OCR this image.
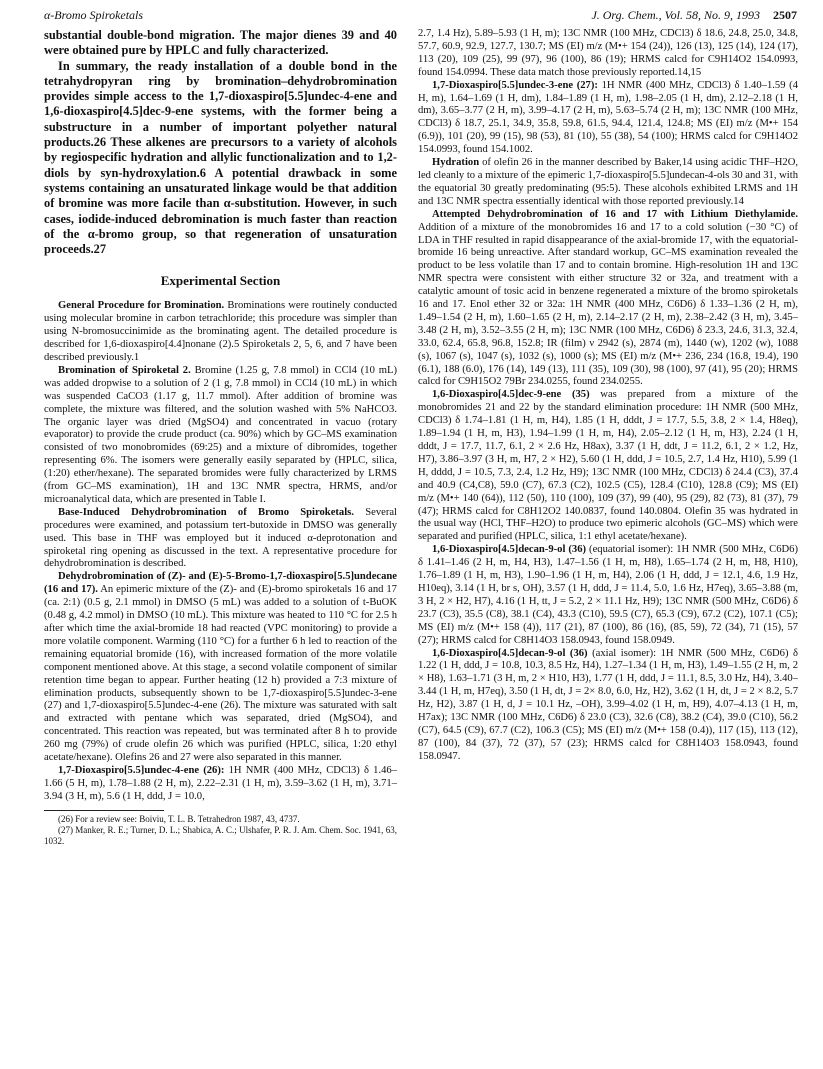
α-Bromo Spiroketals	J. Org. Chem., Vol. 58, No. 9, 1993 2507

substantial double-bond migration. The major dienes 39 and 40 were obtained pure by HPLC and fully characterized.

In summary, the ready installation of a double bond in the tetrahydropyran ring by bromination–dehydrobromination provides simple access to the 1,7-dioxaspiro[5.5]undec-4-ene and 1,6-dioxaspiro[4.5]dec-9-ene systems, with the former being a substructure in a number of important polyether natural products.26 These alkenes are precursors to a variety of alcohols by regiospecific hydration and allylic functionalization and to 1,2-diols by syn-hydroxylation.6 A potential drawback in some systems containing an unsaturated linkage would be that addition of bromine was more facile than α-substitution. However, in such cases, iodide-induced debromination is much faster than reaction of the α-bromo group, so that regeneration of unsaturation proceeds.27

Experimental Section

General Procedure for Bromination. Brominations were routinely conducted using molecular bromine in carbon tetrachloride; this procedure was simpler than using N-bromosuccinimide as the brominating agent. The detailed procedure is described for 1,6-dioxaspiro[4.4]nonane (2).5 Spiroketals 2, 5, 6, and 7 have been described previously.1

Bromination of Spiroketal 2. Bromine (1.25 g, 7.8 mmol) in CCl4 (10 mL) was added dropwise to a solution of 2 (1 g, 7.8 mmol) in CCl4 (10 mL) in which was suspended CaCO3 (1.17 g, 11.7 mmol). After addition of bromine was complete, the mixture was filtered, and the solution washed with 5% NaHCO3. The organic layer was dried (MgSO4) and concentrated in vacuo (rotary evaporator) to provide the crude product (ca. 90%) which by GC–MS examination consisted of two monobromides (69:25) and a mixture of dibromides, together representing 6%. The isomers were generally easily separated by (HPLC, silica, (1:20) ether/hexane). The separated bromides were fully characterized by LRMS (from GC–MS examination), 1H and 13C NMR spectra, HRMS, and/or microanalytical data, which are presented in Table I.

Base-Induced Dehydrobromination of Bromo Spiroketals. Several procedures were examined, and potassium tert-butoxide in DMSO was generally used. This base in THF was employed but it induced α-deprotonation and spiroketal ring opening as discussed in the text. A representative procedure for dehydrobromination is described.

Dehydrobromination of (Z)- and (E)-5-Bromo-1,7-dioxaspiro[5.5]undecane (16 and 17). An epimeric mixture of the (Z)- and (E)-bromo spiroketals 16 and 17 (ca. 2:1) (0.5 g, 2.1 mmol) in DMSO (5 mL) was added to a solution of t-BuOK (0.48 g, 4.2 mmol) in DMSO (10 mL). This mixture was heated to 110 °C for 2.5 h after which time the axial-bromide 18 had reacted (VPC monitoring) to provide a more volatile component. Warming (110 °C) for a further 6 h led to reaction of the remaining equatorial bromide (16), with increased formation of the more volatile component mentioned above. At this stage, a second volatile component of similar retention time began to appear. Further heating (12 h) provided a 7:3 mixture of elimination products, subsequently shown to be 1,7-dioxaspiro[5.5]undec-3-ene (27) and 1,7-dioxaspiro[5.5]undec-4-ene (26). The mixture was saturated with salt and extracted with pentane which was separated, dried (MgSO4), and concentrated. This reaction was repeated, but was terminated after 8 h to provide 260 mg (79%) of crude olefin 26 which was purified (HPLC, silica, 1:20 ethyl acetate/hexane). Olefins 26 and 27 were also separated in this manner.

1,7-Dioxaspiro[5.5]undec-4-ene (26): 1H NMR (400 MHz, CDCl3) δ 1.46–1.66 (5 H, m), 1.78–1.88 (2 H, m), 2.22–2.31 (1 H, m), 3.59–3.62 (1 H, m), 3.71–3.94 (3 H, m), 5.6 (1 H, ddd, J = 10.0,

(26) For a review see: Boiviu, T. L. B. Tetrahedron 1987, 43, 4737.

(27) Manker, R. E.; Turner, D. L.; Shabica, A. C.; Ulshafer, P. R. J. Am. Chem. Soc. 1941, 63, 1032.

2.7, 1.4 Hz), 5.89–5.93 (1 H, m); 13C NMR (100 MHz, CDCl3) δ 18.6, 24.8, 25.0, 34.8, 57.7, 60.9, 92.9, 127.7, 130.7; MS (EI) m/z (M•+ 154 (24)), 126 (13), 125 (14), 124 (17), 113 (20), 109 (25), 99 (97), 96 (100), 86 (19); HRMS calcd for C9H14O2 154.0993, found 154.0994. These data match those previously reported.14,15

1,7-Dioxaspiro[5.5]undec-3-ene (27): 1H NMR (400 MHz, CDCl3) δ 1.40–1.59 (4 H, m), 1.64–1.69 (1 H, dm), 1.84–1.89 (1 H, m), 1.98–2.05 (1 H, dm), 2.12–2.18 (1 H, dm), 3.65–3.77 (2 H, m), 3.99–4.17 (2 H, m), 5.63–5.74 (2 H, m); 13C NMR (100 MHz, CDCl3) δ 18.7, 25.1, 34.9, 35.8, 59.8, 61.5, 94.4, 121.4, 124.8; MS (EI) m/z (M•+ 154 (6.9)), 101 (20), 99 (15), 98 (53), 81 (10), 55 (38), 54 (100); HRMS calcd for C9H14O2 154.0993, found 154.1002.

Hydration of olefin 26 in the manner described by Baker,14 using acidic THF–H2O, led cleanly to a mixture of the epimeric 1,7-dioxaspiro[5.5]undecan-4-ols 30 and 31, with the equatorial 30 greatly predominating (95:5). These alcohols exhibited LRMS and 1H and 13C NMR spectra essentially identical with those reported previously.14

Attempted Dehydrobromination of 16 and 17 with Lithium Diethylamide. Addition of a mixture of the monobromides 16 and 17 to a cold solution (−30 °C) of LDA in THF resulted in rapid disappearance of the axial-bromide 17, with the equatorial-bromide 16 being unreactive. After standard workup, GC–MS examination revealed the product to be less volatile than 17 and to contain bromine. High-resolution 1H and 13C NMR spectra were consistent with either structure 32 or 32a, and treatment with a catalytic amount of tosic acid in benzene regenerated a mixture of the bromo spiroketals 16 and 17. Enol ether 32 or 32a: 1H NMR (400 MHz, C6D6) δ 1.33–1.36 (2 H, m), 1.49–1.54 (2 H, m), 1.60–1.65 (2 H, m), 2.14–2.17 (2 H, m), 2.38–2.42 (3 H, m), 3.45–3.48 (2 H, m), 3.52–3.55 (2 H, m); 13C NMR (100 MHz, C6D6) δ 23.3, 24.6, 31.3, 32.4, 33.0, 62.4, 65.8, 96.8, 152.8; IR (film) ν 2942 (s), 2874 (m), 1440 (w), 1202 (w), 1088 (s), 1067 (s), 1047 (s), 1032 (s), 1000 (s); MS (EI) m/z (M•+ 236, 234 (16.8, 19.4), 190 (6.1), 188 (6.0), 176 (14), 149 (13), 111 (35), 109 (30), 98 (100), 97 (41), 95 (20); HRMS calcd for C9H15O2 79Br 234.0255, found 234.0255.

1,6-Dioxaspiro[4.5]dec-9-ene (35) was prepared from a mixture of the monobromides 21 and 22 by the standard elimination procedure: 1H NMR (500 MHz, CDCl3) δ 1.74–1.81 (1 H, m, H4), 1.85 (1 H, dddt, J = 17.7, 5.5, 3.8, 2 × 1.4, H8eq), 1.89–1.94 (1 H, m, H3), 1.94–1.99 (1 H, m, H4), 2.05–2.12 (1 H, m, H3), 2.24 (1 H, dddt, J = 17.7, 11.7, 6.1, 2 × 2.6 Hz, H8ax), 3.37 (1 H, ddt, J = 11.2, 6.1, 2 × 1.2, Hz, H7), 3.86–3.97 (3 H, m, H7, 2 × H2), 5.60 (1 H, ddd, J = 10.5, 2.7, 1.4 Hz, H10), 5.99 (1 H, dddd, J = 10.5, 7.3, 2.4, 1.2 Hz, H9); 13C NMR (100 MHz, CDCl3) δ 24.4 (C3), 37.4 and 40.9 (C4,C8), 59.0 (C7), 67.3 (C2), 102.5 (C5), 128.4 (C10), 128.8 (C9); MS (EI) m/z (M•+ 140 (64)), 112 (50), 110 (100), 109 (37), 99 (40), 95 (29), 82 (73), 81 (37), 79 (47); HRMS calcd for C8H12O2 140.0837, found 140.0804. Olefin 35 was hydrated in the usual way (HCl, THF–H2O) to produce two epimeric alcohols (GC–MS) which were separated and purified (HPLC, silica, 1:1 ethyl acetate/hexane).

1,6-Dioxaspiro[4.5]decan-9-ol (36) (equatorial isomer): 1H NMR (500 MHz, C6D6) δ 1.41–1.46 (2 H, m, H4, H3), 1.47–1.56 (1 H, m, H8), 1.65–1.74 (2 H, m, H8, H10), 1.76–1.89 (1 H, m, H3), 1.90–1.96 (1 H, m, H4), 2.06 (1 H, ddd, J = 12.1, 4.6, 1.9 Hz, H10eq), 3.14 (1 H, br s, OH), 3.57 (1 H, ddd, J = 11.4, 5.0, 1.6 Hz, H7eq), 3.65–3.88 (m, 3 H, 2 × H2, H7), 4.16 (1 H, tt, J = 5.2, 2 × 11.1 Hz, H9); 13C NMR (500 MHz, C6D6) δ 23.7 (C3), 35.5 (C8), 38.1 (C4), 43.3 (C10), 59.5 (C7), 65.3 (C9), 67.2 (C2), 107.1 (C5); MS (EI) m/z (M•+ 158 (4)), 117 (21), 87 (100), 86 (16), (85, 59), 72 (34), 71 (15), 57 (27); HRMS calcd for C8H14O3 158.0943, found 158.0949.

1,6-Dioxaspiro[4.5]decan-9-ol (36) (axial isomer): 1H NMR (500 MHz, C6D6) δ 1.22 (1 H, ddd, J = 10.8, 10.3, 8.5 Hz, H4), 1.27–1.34 (1 H, m, H3), 1.49–1.55 (2 H, m, 2 × H8), 1.63–1.71 (3 H, m, 2 × H10, H3), 1.77 (1 H, ddd, J = 11.1, 8.5, 3.0 Hz, H4), 3.40–3.44 (1 H, m, H7eq), 3.50 (1 H, dt, J = 2× 8.0, 6.0, Hz, H2), 3.62 (1 H, dt, J = 2 × 8.2, 5.7 Hz, H2), 3.87 (1 H, d, J = 10.1 Hz, –OH), 3.99–4.02 (1 H, m, H9), 4.07–4.13 (1 H, m, H7ax); 13C NMR (100 MHz, C6D6) δ 23.0 (C3), 32.6 (C8), 38.2 (C4), 39.0 (C10), 56.2 (C7), 64.5 (C9), 67.7 (C2), 106.3 (C5); MS (EI) m/z (M•+ 158 (0.4)), 117 (15), 113 (12), 87 (100), 84 (37), 72 (37), 57 (23); HRMS calcd for C8H14O3 158.0943, found 158.0947.
